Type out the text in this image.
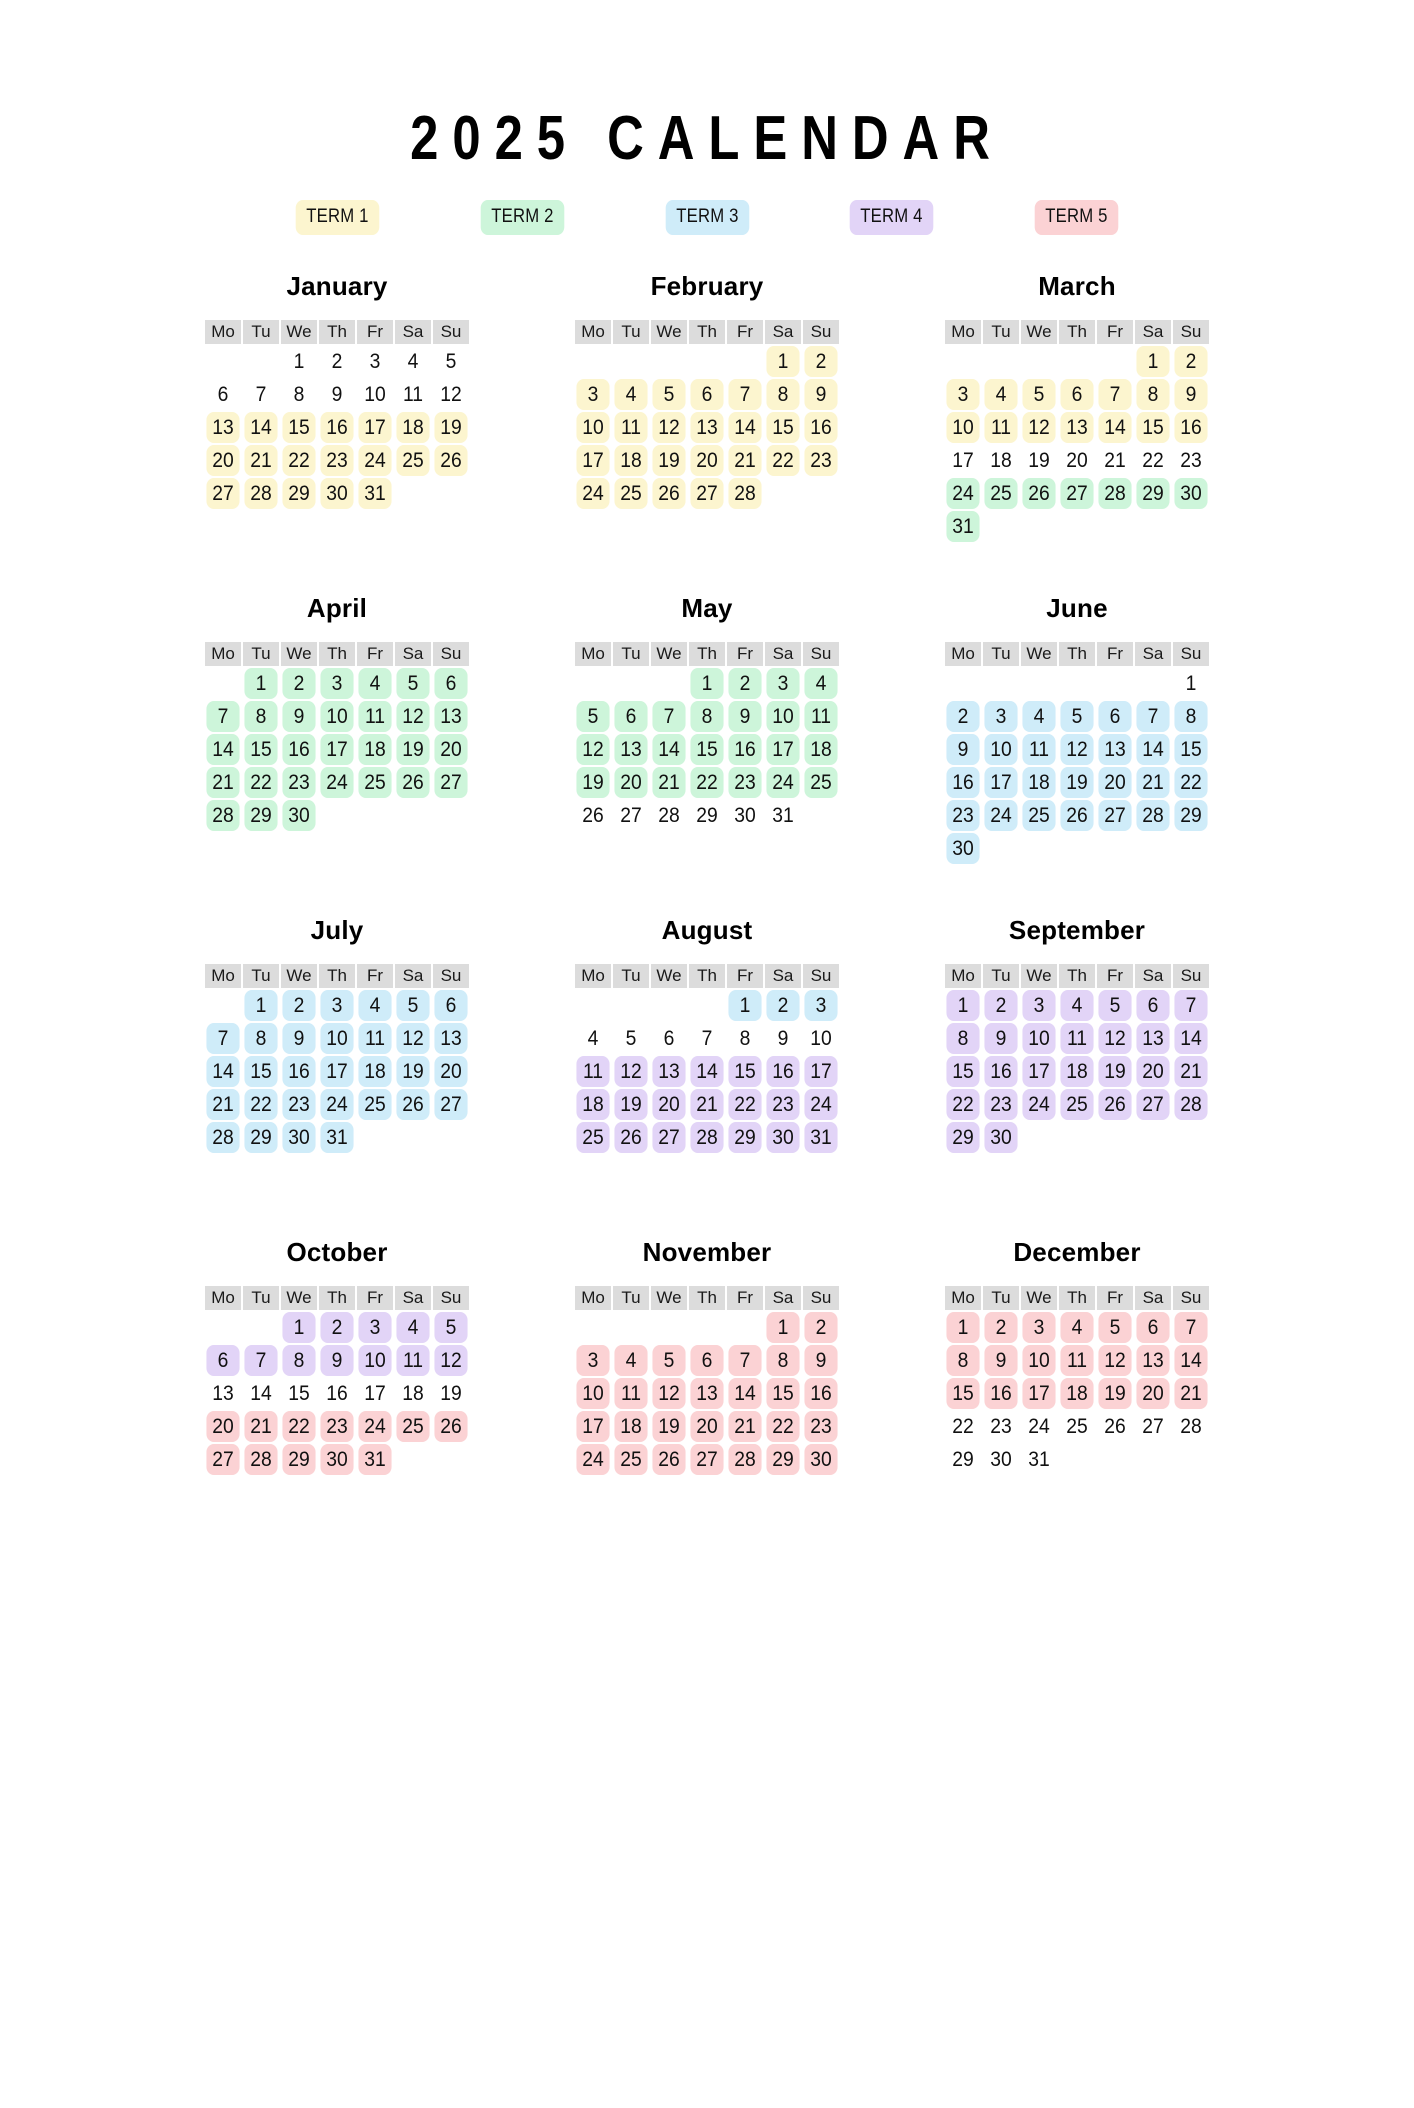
2025 CALENDAR
TERM 1	TERM 2	TERM 3	TERM 4	TERM 5
January
Mo	Tu	We	Th	Fr	Sa	Su
		1	2	3	4	5
6	7	8	9	10	11	12
13	14	15	16	17	18	19
20	21	22	23	24	25	26
27	28	29	30	31		
February
Mo	Tu	We	Th	Fr	Sa	Su
					1	2
3	4	5	6	7	8	9
10	11	12	13	14	15	16
17	18	19	20	21	22	23
24	25	26	27	28		
March
Mo	Tu	We	Th	Fr	Sa	Su
					1	2
3	4	5	6	7	8	9
10	11	12	13	14	15	16
17	18	19	20	21	22	23
24	25	26	27	28	29	30
31						
April
Mo	Tu	We	Th	Fr	Sa	Su
	1	2	3	4	5	6
7	8	9	10	11	12	13
14	15	16	17	18	19	20
21	22	23	24	25	26	27
28	29	30				
May
Mo	Tu	We	Th	Fr	Sa	Su
			1	2	3	4
5	6	7	8	9	10	11
12	13	14	15	16	17	18
19	20	21	22	23	24	25
26	27	28	29	30	31	
June
Mo	Tu	We	Th	Fr	Sa	Su
						1
2	3	4	5	6	7	8
9	10	11	12	13	14	15
16	17	18	19	20	21	22
23	24	25	26	27	28	29
30						
July
Mo	Tu	We	Th	Fr	Sa	Su
	1	2	3	4	5	6
7	8	9	10	11	12	13
14	15	16	17	18	19	20
21	22	23	24	25	26	27
28	29	30	31			
August
Mo	Tu	We	Th	Fr	Sa	Su
				1	2	3
4	5	6	7	8	9	10
11	12	13	14	15	16	17
18	19	20	21	22	23	24
25	26	27	28	29	30	31
September
Mo	Tu	We	Th	Fr	Sa	Su
1	2	3	4	5	6	7
8	9	10	11	12	13	14
15	16	17	18	19	20	21
22	23	24	25	26	27	28
29	30					
October
Mo	Tu	We	Th	Fr	Sa	Su
		1	2	3	4	5
6	7	8	9	10	11	12
13	14	15	16	17	18	19
20	21	22	23	24	25	26
27	28	29	30	31		
November
Mo	Tu	We	Th	Fr	Sa	Su
					1	2
3	4	5	6	7	8	9
10	11	12	13	14	15	16
17	18	19	20	21	22	23
24	25	26	27	28	29	30
December
Mo	Tu	We	Th	Fr	Sa	Su
1	2	3	4	5	6	7
8	9	10	11	12	13	14
15	16	17	18	19	20	21
22	23	24	25	26	27	28
29	30	31				
